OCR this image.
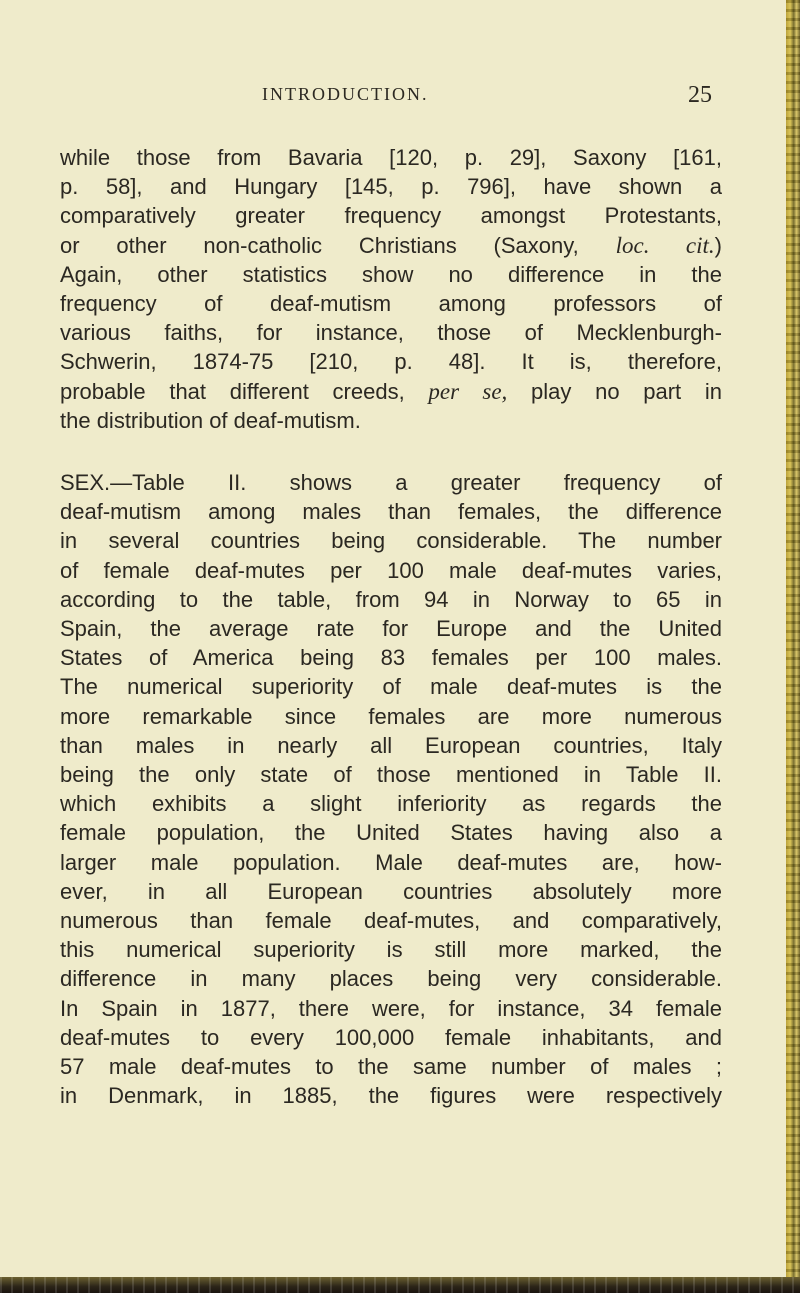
INTRODUCTION.	25
while those from Bavaria [120, p. 29], Saxony [161,
p. 58], and Hungary [145, p. 796], have shown a
comparatively greater frequency amongst Protestants,
or other non-catholic Christians (Saxony, loc. cit.)
Again, other statistics show no difference in the
frequency of deaf-mutism among professors of
various faiths, for instance, those of Mecklenburgh-
Schwerin, 1874-75 [210, p. 48]. It is, therefore,
probable that different creeds, per se, play no part in
the distribution of deaf-mutism.
SEX.—Table II. shows a greater frequency of
deaf-mutism among males than females, the difference
in several countries being considerable. The number
of female deaf-mutes per 100 male deaf-mutes varies,
according to the table, from 94 in Norway to 65 in
Spain, the average rate for Europe and the United
States of America being 83 females per 100 males.
The numerical superiority of male deaf-mutes is the
more remarkable since females are more numerous
than males in nearly all European countries, Italy
being the only state of those mentioned in Table II.
which exhibits a slight inferiority as regards the
female population, the United States having also a
larger male population. Male deaf-mutes are, how-
ever, in all European countries absolutely more
numerous than female deaf-mutes, and comparatively,
this numerical superiority is still more marked, the
difference in many places being very considerable.
In Spain in 1877, there were, for instance, 34 female
deaf-mutes to every 100,000 female inhabitants, and
57 male deaf-mutes to the same number of males ;
in Denmark, in 1885, the figures were respectively
